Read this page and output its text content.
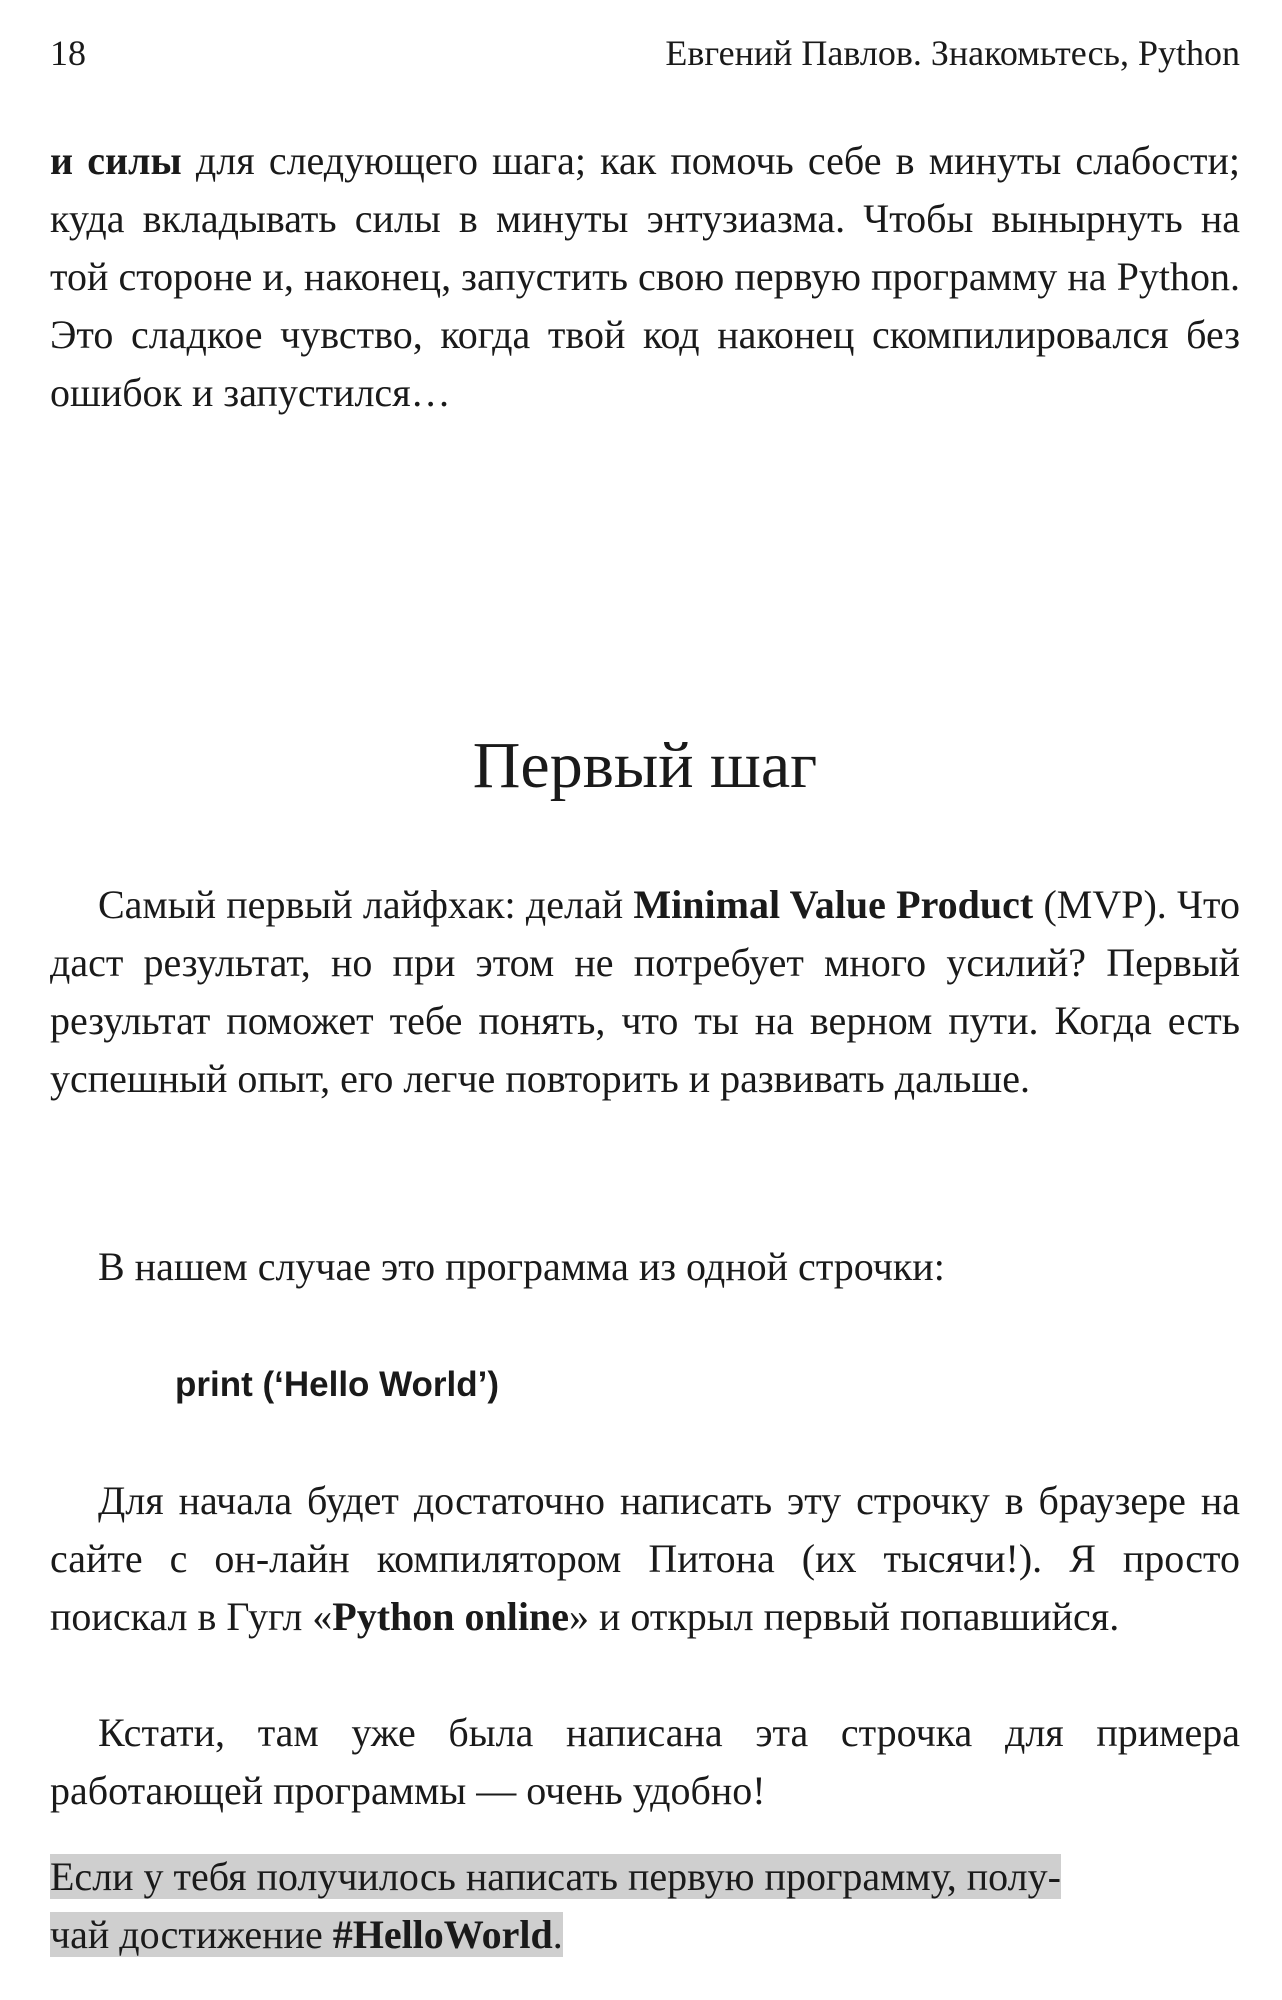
18	Евгений Павлов. Знакомьтесь, Python

и силы для следующего шага; как помочь себе в минуты слабости; куда вкладывать силы в минуты энтузиазма. Чтобы вынырнуть на той стороне и, наконец, запустить свою первую программу на Python. Это сладкое чувство, когда твой код наконец скомпилировался без ошибок и запустился…

Первый шаг

Самый первый лайфхак: делай Minimal Value Product (MVP). Что даст результат, но при этом не потребует много усилий? Первый результат поможет тебе понять, что ты на верном пути. Когда есть успешный опыт, его легче повторить и развивать дальше.

В нашем случае это программа из одной строчки:

print (‘Hello World’)

Для начала будет достаточно написать эту строчку в браузере на сайте с он-лайн компилятором Питона (их тысячи!). Я просто поискал в Гугл «Python online» и открыл первый попавшийся.

Кстати, там уже была написана эта строчка для примера работающей программы — очень удобно!

Если у тебя получилось написать первую программу, полу-
чай достижение #HelloWorld.
